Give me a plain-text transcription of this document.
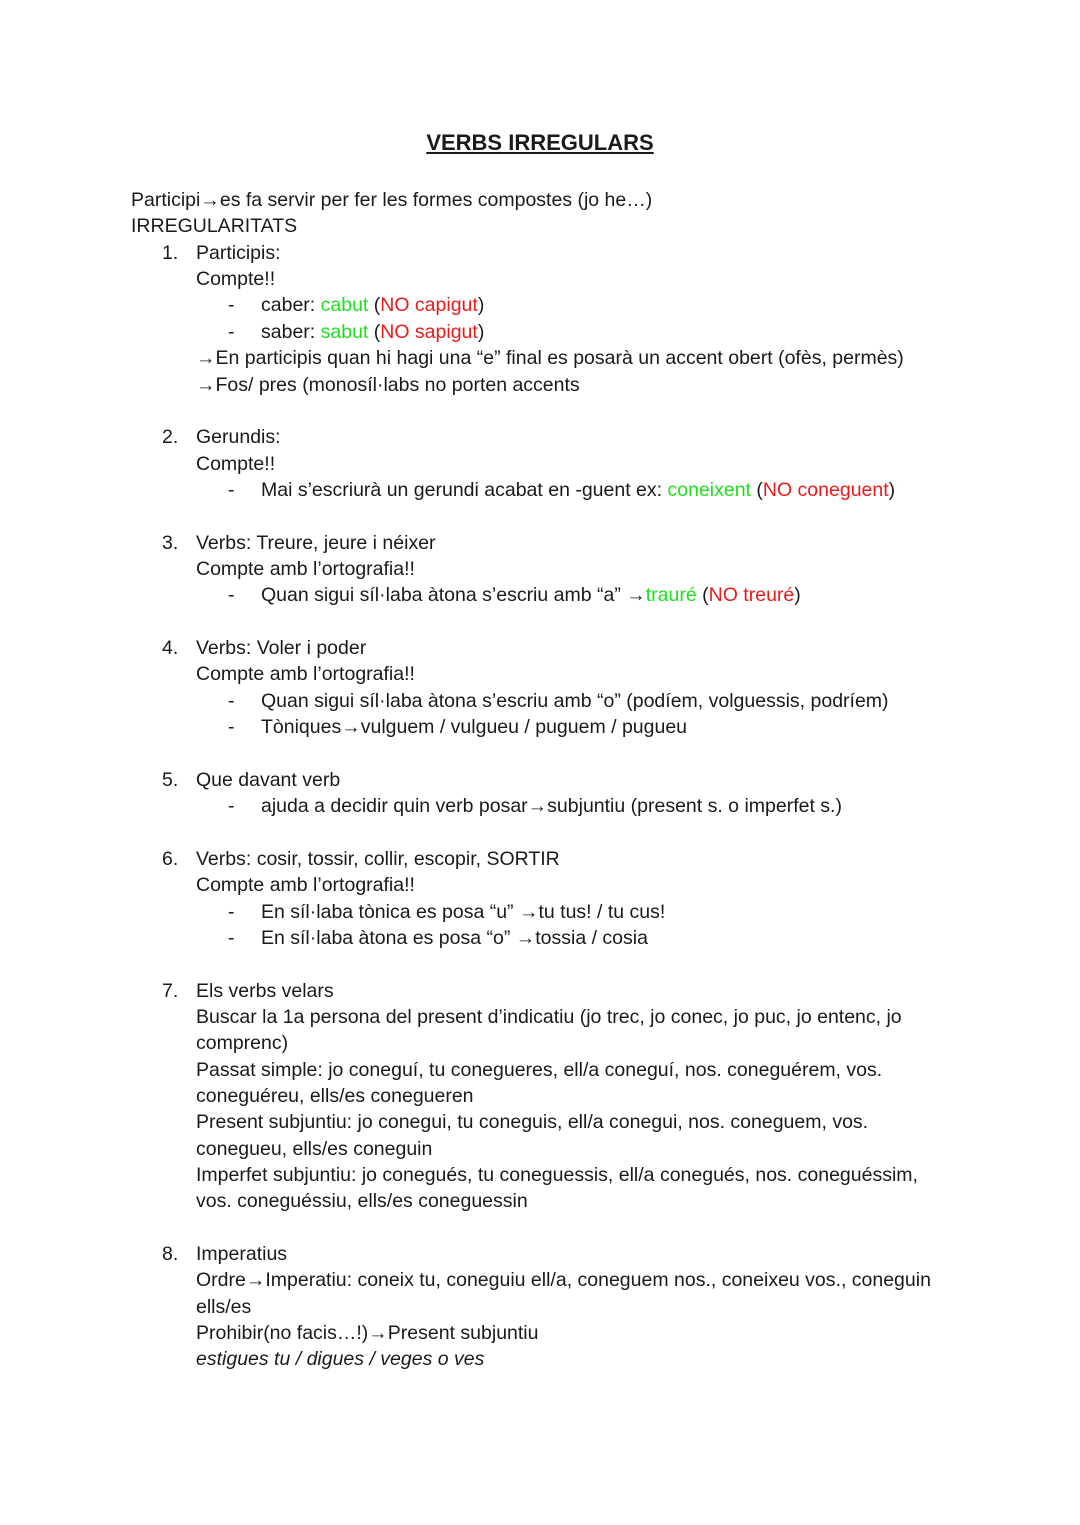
VERBS IRREGULARS
Participi→es fa servir per fer les formes compostes (jo he…)
IRREGULARITATS
1. Participis:
Compte!!
- caber: cabut (NO capigut)
- saber: sabut (NO sapigut)
→En participis quan hi hagi una “e” final es posarà un accent obert (ofès, permès)
→Fos/ pres (monosíl·labs no porten accents
2. Gerundis:
Compte!!
- Mai s’escriurà un gerundi acabat en -guent ex: coneixent (NO coneguent)
3. Verbs: Treure, jeure i néixer
Compte amb l’ortografia!!
- Quan sigui síl·laba àtona s’escriu amb “a” →trauré (NO treuré)
4. Verbs: Voler i poder
Compte amb l’ortografia!!
- Quan sigui síl·laba àtona s’escriu amb “o” (podíem, volguessis, podríem)
- Tòniques→vulguem / vulgueu / puguem / pugueu
5. Que davant verb
- ajuda a decidir quin verb posar→subjuntiu (present s. o imperfet s.)
6. Verbs: cosir, tossir, collir, escopir, SORTIR
Compte amb l’ortografia!!
- En síl·laba tònica es posa “u” →tu tus! / tu cus!
- En síl·laba àtona es posa “o” →tossia / cosia
7. Els verbs velars
Buscar la 1a persona del present d’indicatiu (jo trec, jo conec, jo puc, jo entenc, jo comprenc)
Passat simple: jo coneguí, tu conegueres, ell/a coneguí, nos. coneguérem, vos.
coneguéreu, ells/es conegueren
Present subjuntiu: jo conegui, tu coneguis, ell/a conegui, nos. coneguem, vos.
conegueu, ells/es coneguin
Imperfet subjuntiu: jo conegués, tu coneguessis, ell/a conegués, nos. coneguéssim,
vos. coneguéssiu, ells/es coneguessin
8. Imperatius
Ordre→Imperatiu: coneix tu, coneguiu ell/a, coneguem nos., coneixeu vos., coneguin
ells/es
Prohibir(no facis…!)→Present subjuntiu
estigues tu / digues / veges o ves
